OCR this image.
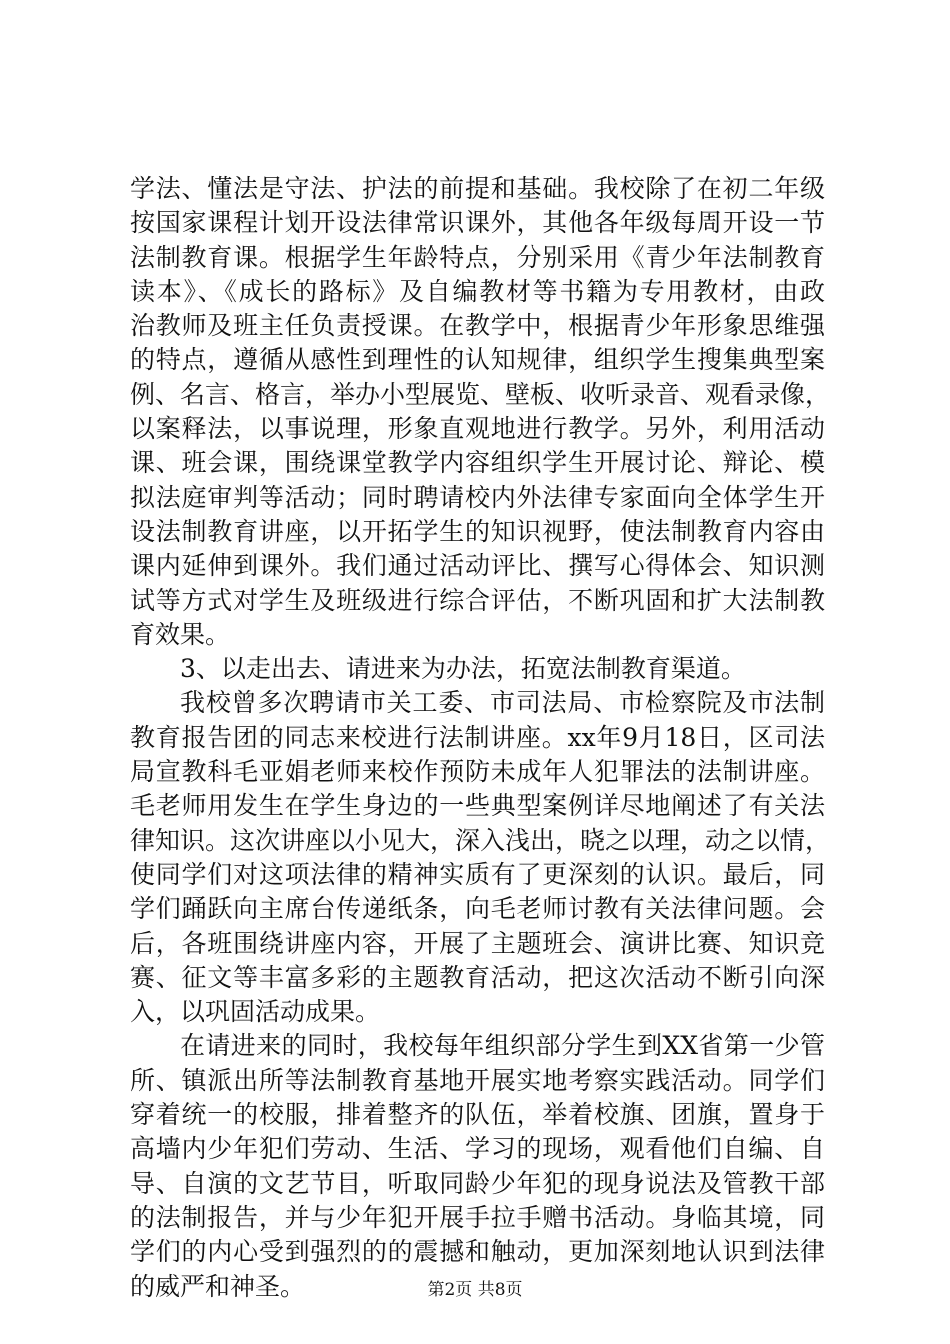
学法、懂法是守法、护法的前提和基础。我校除了在初二年级
按国家课程计划开设法律常识课外，其他各年级每周开设一节
法制教育课。根据学生年龄特点，分别采用《青少年法制教育
读本》、《成长的路标》及自编教材等书籍为专用教材，由政
治教师及班主任负责授课。在教学中，根据青少年形象思维强
的特点，遵循从感性到理性的认知规律，组织学生搜集典型案
例、名言、格言，举办小型展览、壁板、收听录音、观看录像，
以案释法，以事说理，形象直观地进行教学。另外，利用活动
课、班会课，围绕课堂教学内容组织学生开展讨论、辩论、模
拟法庭审判等活动；同时聘请校内外法律专家面向全体学生开
设法制教育讲座，以开拓学生的知识视野，使法制教育内容由
课内延伸到课外。我们通过活动评比、撰写心得体会、知识测
试等方式对学生及班级进行综合评估，不断巩固和扩大法制教
育效果。
3、以走出去、请进来为办法，拓宽法制教育渠道。
我校曾多次聘请市关工委、市司法局、市检察院及市法制
教育报告团的同志来校进行法制讲座。xx年9月18日，区司法
局宣教科毛亚娟老师来校作预防未成年人犯罪法的法制讲座。
毛老师用发生在学生身边的一些典型案例详尽地阐述了有关法
律知识。这次讲座以小见大，深入浅出，晓之以理，动之以情，
使同学们对这项法律的精神实质有了更深刻的认识。最后，同
学们踊跃向主席台传递纸条，向毛老师讨教有关法律问题。会
后，各班围绕讲座内容，开展了主题班会、演讲比赛、知识竞
赛、征文等丰富多彩的主题教育活动，把这次活动不断引向深
入，以巩固活动成果。
在请进来的同时，我校每年组织部分学生到XX省第一少管
所、镇派出所等法制教育基地开展实地考察实践活动。同学们
穿着统一的校服，排着整齐的队伍，举着校旗、团旗，置身于
高墙内少年犯们劳动、生活、学习的现场，观看他们自编、自
导、自演的文艺节目，听取同龄少年犯的现身说法及管教干部
的法制报告，并与少年犯开展手拉手赠书活动。身临其境，同
学们的内心受到强烈的的震撼和触动，更加深刻地认识到法律
的威严和神圣。	第2页 共8页
